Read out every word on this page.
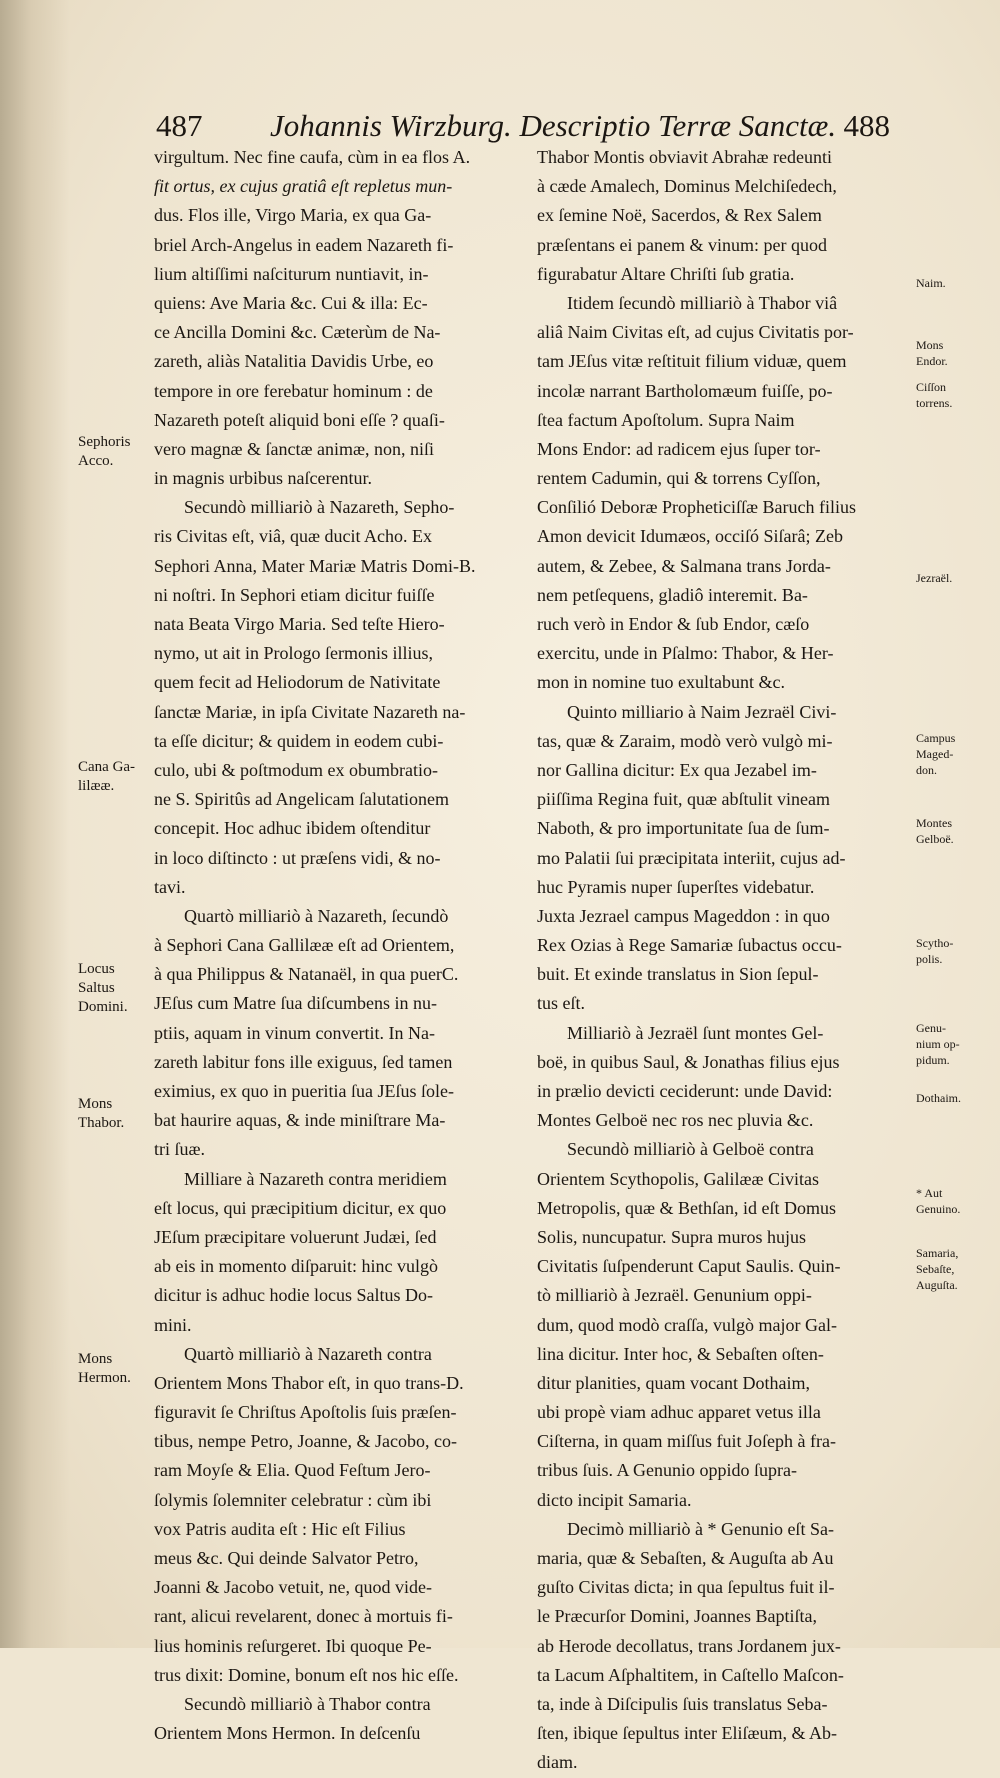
487 Johannis Wirzburg. Descriptio Terræ Sanctæ. 488
virgultum. Nec fine caufa, cùm in ea flos A.
fit ortus, ex cujus gratiâ eſt repletus mun-
dus. Flos ille, Virgo Maria, ex qua Ga-
briel Arch-Angelus in eadem Nazareth fi-
lium altiſſimi naſciturum nuntiavit, in-
quiens: Ave Maria &c. Cui & illa: Ec-
ce Ancilla Domini &c. Cæterùm de Na-
zareth, aliàs Natalitia Davidis Urbe, eo
tempore in ore ferebatur hominum : de
Nazareth poteſt aliquid boni eſſe ? quaſi-
vero magnæ & ſanctæ animæ, non, niſi
in magnis urbibus naſcerentur.
Secundò milliariò à Nazareth, Sepho-
ris Civitas eſt, viâ, quæ ducit Acho. Ex
Sephori Anna, Mater Mariæ Matris Domi-B.
ni noſtri. In Sephori etiam dicitur fuiſſe
nata Beata Virgo Maria. Sed teſte Hiero-
nymo, ut ait in Prologo ſermonis illius,
quem fecit ad Heliodorum de Nativitate
ſanctæ Mariæ, in ipſa Civitate Nazareth na-
ta eſſe dicitur; & quidem in eodem cubi-
culo, ubi & poſtmodum ex obumbratio-
ne S. Spiritûs ad Angelicam ſalutationem
concepit. Hoc adhuc ibidem oſtenditur
in loco diſtincto : ut præſens vidi, & no-
tavi.
Quartò milliariò à Nazareth, ſecundò
à Sephori Cana Gallilææ eſt ad Orientem,
à qua Philippus & Natanaël, in qua puerC.
JEſus cum Matre ſua diſcumbens in nu-
ptiis, aquam in vinum convertit. In Na-
zareth labitur fons ille exiguus, ſed tamen
eximius, ex quo in pueritia ſua JEſus ſole-
bat haurire aquas, & inde miniſtrare Ma-
tri ſuæ.
Milliare à Nazareth contra meridiem
eſt locus, qui præcipitium dicitur, ex quo
JEſum præcipitare voluerunt Judæi, ſed
ab eis in momento diſparuit: hinc vulgò
dicitur is adhuc hodie locus Saltus Do-
mini.
Quartò milliariò à Nazareth contra
Orientem Mons Thabor eſt, in quo trans-D.
figuravit ſe Chriſtus Apoſtolis ſuis præſen-
tibus, nempe Petro, Joanne, & Jacobo, co-
ram Moyſe & Elia. Quod Feſtum Jero-
ſolymis ſolemniter celebratur : cùm ibi
vox Patris audita eſt : Hic eſt Filius
meus &c. Qui deinde Salvator Petro,
Joanni & Jacobo vetuit, ne, quod vide-
rant, alicui revelarent, donec à mortuis fi-
lius hominis reſurgeret. Ibi quoque Pe-
trus dixit: Domine, bonum eſt nos hic eſſe.
Secundò milliariò à Thabor contra
Orientem Mons Hermon. In deſcenſu
Thabor Montis obviavit Abrahæ redeunti
à cæde Amalech, Dominus Melchiſedech,
ex ſemine Noë, Sacerdos, & Rex Salem
præſentans ei panem & vinum: per quod
figurabatur Altare Chriſti ſub gratia.
Itidem ſecundò milliariò à Thabor viâ
aliâ Naim Civitas eſt, ad cujus Civitatis por-
tam JEſus vitæ reſtituit filium viduæ, quem
incolæ narrant Bartholomæum fuiſſe, po-
ſtea factum Apoſtolum. Supra Naim
Mons Endor: ad radicem ejus ſuper tor-
rentem Cadumin, qui & torrens Cyſſon,
Conſilió Deboræ Propheticiſſæ Baruch filius
Amon devicit Idumæos, occiſó Siſarâ; Zeb
autem, & Zebee, & Salmana trans Jorda-
nem petſequens, gladiô interemit. Ba-
ruch verò in Endor & ſub Endor, cæſo
exercitu, unde in Pſalmo: Thabor, & Her-
mon in nomine tuo exultabunt &c.
Quinto milliario à Naim Jezraël Civi-
tas, quæ & Zaraim, modò verò vulgò mi-
nor Gallina dicitur: Ex qua Jezabel im-
piiſſima Regina fuit, quæ abſtulit vineam
Naboth, & pro importunitate ſua de ſum-
mo Palatii ſui præcipitata interiit, cujus ad-
huc Pyramis nuper ſuperſtes videbatur.
Juxta Jezrael campus Mageddon : in quo
Rex Ozias à Rege Samariæ ſubactus occu-
buit. Et exinde translatus in Sion ſepul-
tus eſt.
Milliariò à Jezraël ſunt montes Gel-
boë, in quibus Saul, & Jonathas filius ejus
in prælio devicti ceciderunt: unde David:
Montes Gelboë nec ros nec pluvia &c.
Secundò milliariò à Gelboë contra
Orientem Scythopolis, Galilææ Civitas
Metropolis, quæ & Bethſan, id eſt Domus
Solis, nuncupatur. Supra muros hujus
Civitatis ſuſpenderunt Caput Saulis. Quin-
tò milliariò à Jezraël. Genunium oppi-
dum, quod modò craſſa, vulgò major Gal-
lina dicitur. Inter hoc, & Sebaſten oſten-
ditur planities, quam vocant Dothaim,
ubi propè viam adhuc apparet vetus illa
Ciſterna, in quam miſſus fuit Joſeph à fra-
tribus ſuis. A Genunio oppido ſupra-
dicto incipit Samaria.
Decimò milliariò à * Genunio eſt Sa-
maria, quæ & Sebaſten, & Auguſta ab Au
guſto Civitas dicta; in qua ſepultus fuit il-
le Præcurſor Domini, Joannes Baptiſta,
ab Herode decollatus, trans Jordanem jux-
ta Lacum Aſphaltitem, in Caſtello Maſcon-
ta, inde à Diſcipulis ſuis translatus Seba-
ſten, ibique ſepultus inter Eliſæum, & Ab-
diam.
Sephoris
Acco.
Cana Ga-
lilææ.
Locus
Saltus
Domini.
Mons
Thabor.
Mons
Hermon.
Naim.
Mons
Endor.
Ciſſon
torrens.
Jezraël.
Campus
Maged-
don.
Montes
Gelboë.
Scytho-
polis.
Genu-
nium op-
pidum.
Dothaim.
* Aut
Genuino.
Samaria,
Sebaſte,
Auguſta.
